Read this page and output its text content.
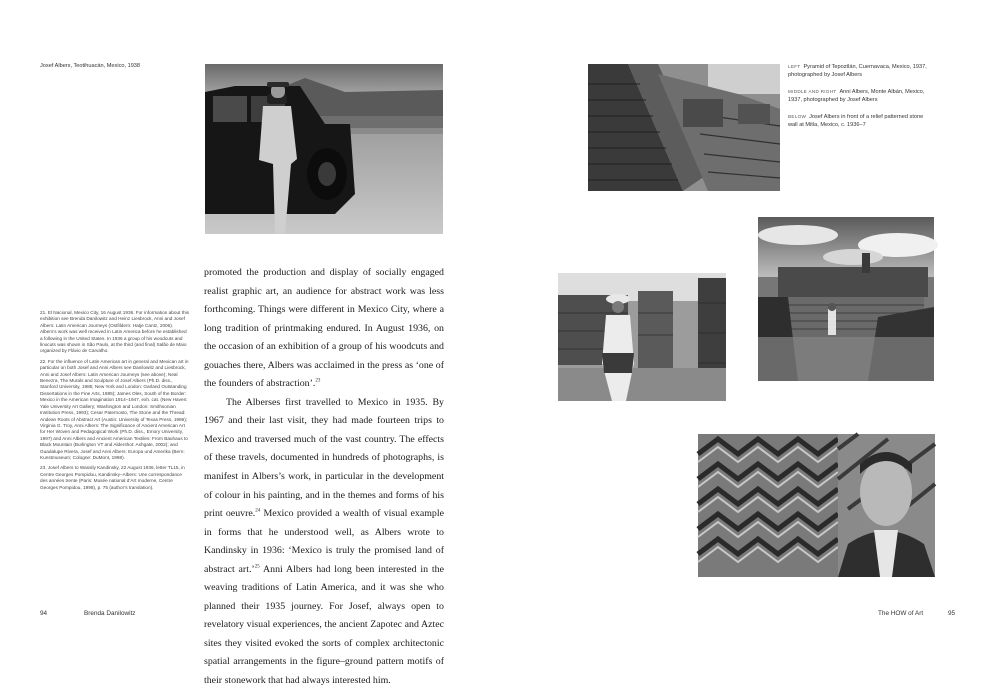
Josef Albers, Teotihuacán, Mexico, 1938

21. El Nacional, Mexico City, 16 August 1936. For information about this exhibition see Brenda Danilowitz and Heinz Liesbrock, Anni and Josef Albers: Latin American Journeys (Ostfildern: Hatje Cantz, 2006). Albers’s work was well received in Latin America before he established a following in the United States. In 1936 a group of his woodcuts and linocuts was shown in São Paulo, at the third (and final) Salão de Maio organized by Flávio de Carvalho.

22. For the influence of Latin American art in general and Mexican art in particular on both Josef and Anni Albers see Danilowitz and Liesbrock, Anni and Josef Albers: Latin American Journeys (see above); Neal Benezra, The Murals and Sculpture of Josef Albers (Ph.D. diss., Stanford University, 1985; New York and London: Garland Outstanding Dissertations in the Fine Arts, 1985); James Oles, South of the Border: Mexico in the American Imagination 1914–1947, exh. cat. (New Haven: Yale University Art Gallery; Washington and London: Smithsonian Institution Press, 1993); Cesar Paternosto, The Stone and the Thread: Andean Roots of Abstract Art (Austin: University of Texas Press, 1996); Virginia G. Troy, Anni Albers: The Significance of Ancient American Art for Her Woven and Pedagogical Work (Ph.D. diss., Emory University, 1997) and Anni Albers and Ancient American Textiles: From Bauhaus to Black Mountain (Burlington VT and Aldershot: Ashgate, 2002); and Guadalupe Rivera, Josef and Anni Albers: Europa und Amerika (Bern: Kunstmuseum; Cologne: DuMont, 1998).

23. Josef Albers to Wassily Kandinsky, 22 August 1936, letter TL15, in Centre Georges Pompidou, Kandinsky–Albers: Une correspondance des années trente (Paris: Musée national d’Art moderne, Centre Georges Pompidou, 1998), p. 75 (author’s translation).

promoted the production and display of socially engaged realist graphic art, an audience for abstract work was less forthcoming. Things were different in Mexico City, where a long tradition of printmaking endured. In August 1936, on the occasion of an exhibition of a group of his woodcuts and gouaches there, Albers was acclaimed in the press as ‘one of the founders of abstraction’.$^{23}$

The Alberses first travelled to Mexico in 1935. By 1967 and their last visit, they had made fourteen trips to Mexico and traversed much of the vast country. The effects of these travels, documented in hundreds of photographs, is manifest in Albers’s work, in particular in the development of colour in his painting, and in the themes and forms of his print oeuvre.$^{24}$ Mexico provided a wealth of visual example in forms that he understood well, as Albers wrote to Kandinsky in 1936: ‘Mexico is truly the promised land of abstract art.’$^{25}$ Anni Albers had long been interested in the weaving traditions of Latin America, and it was she who planned their 1935 journey. For Josef, always open to revelatory visual experiences, the ancient Zapotec and Aztec sites they visited evoked the sorts of complex architectonic spatial arrangements in the figure–ground pattern motifs of their stonework that had always interested him.

94	Brenda Danilowitz
LEFT Pyramid of Tepoztlán, Cuernavaca, Mexico, 1937, photographed by Josef Albers
MIDDLE AND RIGHT Anni Albers, Monte Albán, Mexico, 1937, photographed by Josef Albers
BELOW Josef Albers in front of a relief patterned stone wall at Mitla, Mexico, c. 1936–7
The HOW of Art	95
